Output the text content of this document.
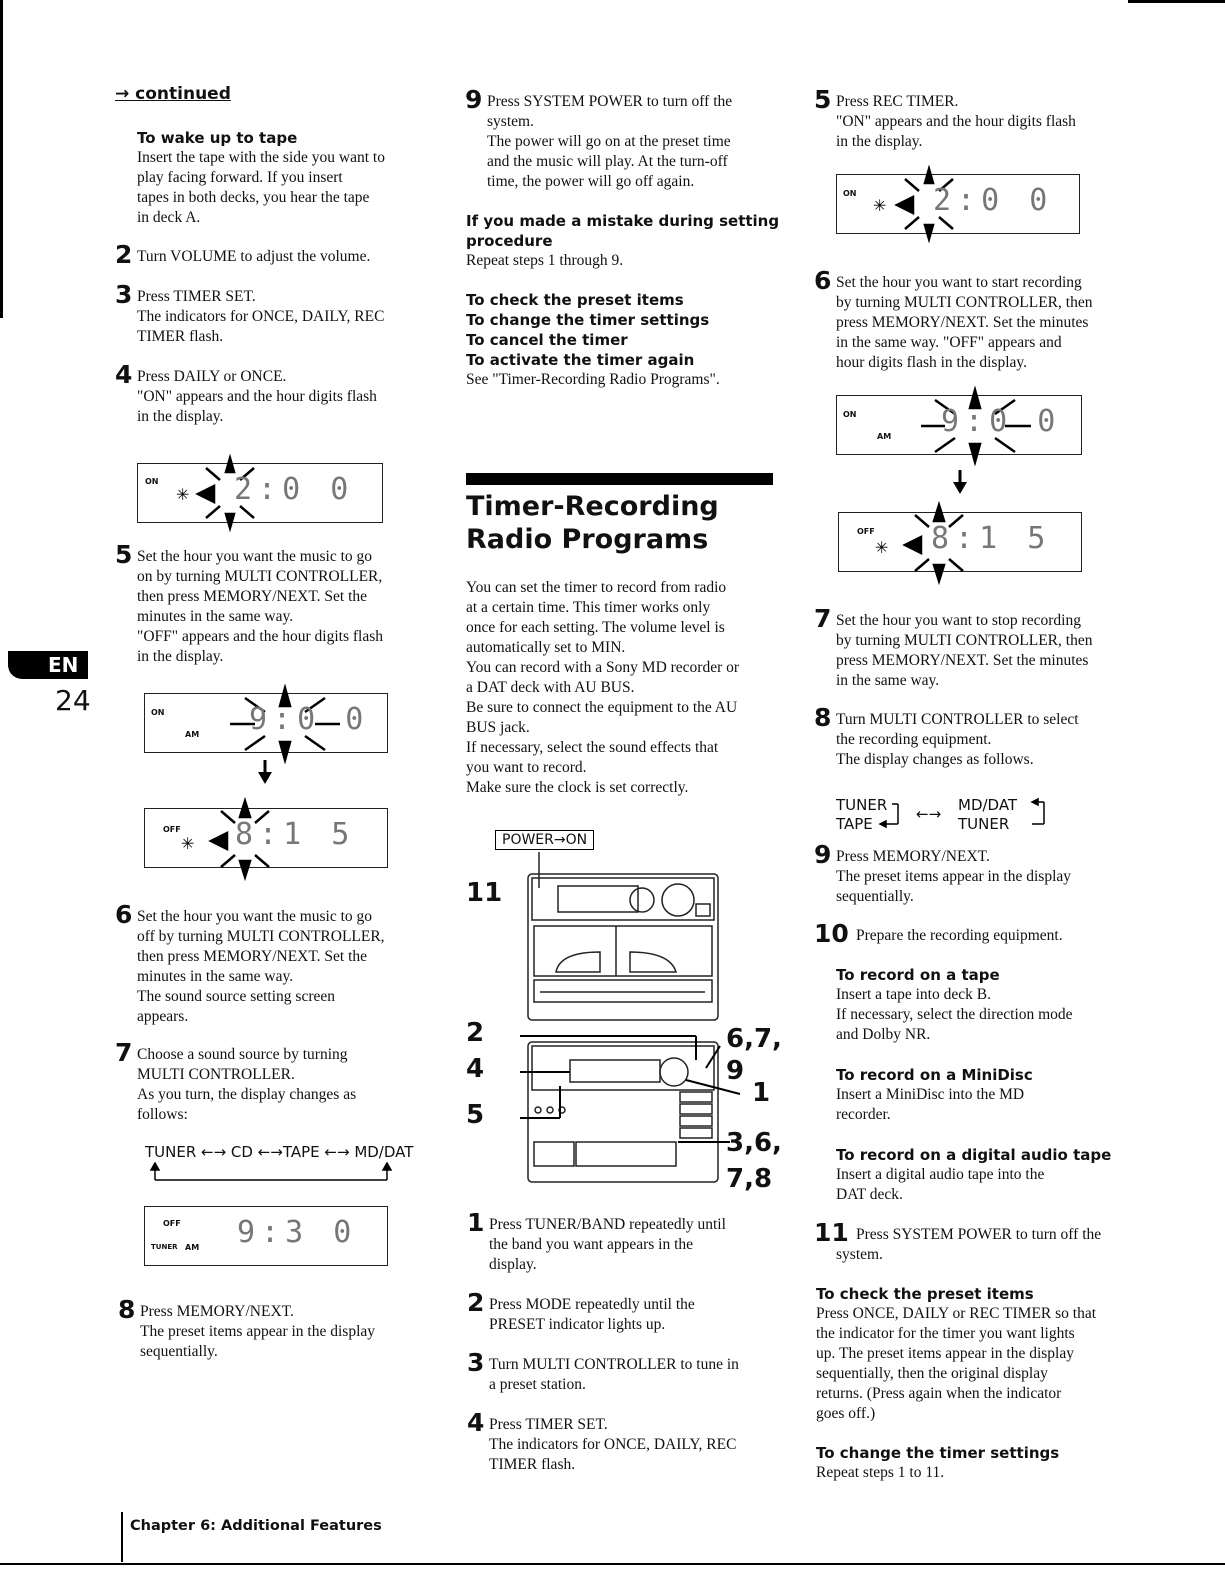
EN
24
Chapter 6: Additional Features
→ continued
To wake up to tape
Insert the tape with the side you want to
play facing forward. If you insert
tapes in both decks, you hear the tape
in deck A.
2 Turn VOLUME to adjust the volume.

3 Press TIMER SET.

The indicators for ONCE, DAILY, REC

TIMER flash.

4 Press DAILY or ONCE.

"ON" appears and the hour digits flash

in the display.

ON
✳ 2:0 0
5 Set the hour you want the music to go

on by turning MULTI CONTROLLER,

then press MEMORY/NEXT. Set the

minutes in the same way.

"OFF" appears and the hour digits flash

in the display.

ON
AM 9:0 0
OFF
✳ 8:1 5
6 Set the hour you want the music to go

off by turning MULTI CONTROLLER,

then press MEMORY/NEXT. Set the

minutes in the same way.

The sound source setting screen

appears.

7 Choose a sound source by turning

MULTI CONTROLLER.

As you turn, the display changes as

follows:

TUNER ←→ CD ←→TAPE ←→ MD/DAT
OFF
TUNER AM 9:3 0
8 Press MEMORY/NEXT.

The preset items appear in the display

sequentially.

9 Press SYSTEM POWER to turn off the

system.

The power will go on at the preset time

and the music will play. At the turn-off

time, the power will go off again.

If you made a mistake during setting
procedure
Repeat steps 1 through 9.
To check the preset items
To change the timer settings
To cancel the timer
To activate the timer again
See "Timer-Recording Radio Programs".
Timer-Recording
Radio Programs
You can set the timer to record from radio
at a certain time. This timer works only
once for each setting. The volume level is
automatically set to MIN.
You can record with a Sony MD recorder or
a DAT deck with AU BUS.
Be sure to connect the equipment to the AU
BUS jack.
If necessary, select the sound effects that
you want to record.
Make sure the clock is set correctly.
POWER→ON
11
2
4
5
6,7,
9
1
3,6,
7,8
1 Press TUNER/BAND repeatedly until

the band you want appears in the

display.

2 Press MODE repeatedly until the

PRESET indicator lights up.

3 Turn MULTI CONTROLLER to tune in

a preset station.

4 Press TIMER SET.

The indicators for ONCE, DAILY, REC

TIMER flash.

5 Press REC TIMER.

"ON" appears and the hour digits flash

in the display.

ON
✳ 2:0 0
6 Set the hour you want to start recording

by turning MULTI CONTROLLER, then

press MEMORY/NEXT. Set the minutes

in the same way. "OFF" appears and

hour digits flash in the display.

ON
AM 9:0 0
OFF
✳ 8:1 5
7 Set the hour you want to stop recording

by turning MULTI CONTROLLER, then

press MEMORY/NEXT. Set the minutes

in the same way.

8 Turn MULTI CONTROLLER to select

the recording equipment.

The display changes as follows.

TUNER
TAPE
←→ MD/DAT
TUNER
9 Press MEMORY/NEXT.

The preset items appear in the display

sequentially.

10 Prepare the recording equipment.

To record on a tape
Insert a tape into deck B.
If necessary, select the direction mode
and Dolby NR.
To record on a MiniDisc
Insert a MiniDisc into the MD
recorder.
To record on a digital audio tape
Insert a digital audio tape into the
DAT deck.
11 Press SYSTEM POWER to turn off the

system.

To check the preset items
Press ONCE, DAILY or REC TIMER so that
the indicator for the timer you want lights
up. The preset items appear in the display
sequentially, then the original display
returns. (Press again when the indicator
goes off.)
To change the timer settings
Repeat steps 1 to 11.
